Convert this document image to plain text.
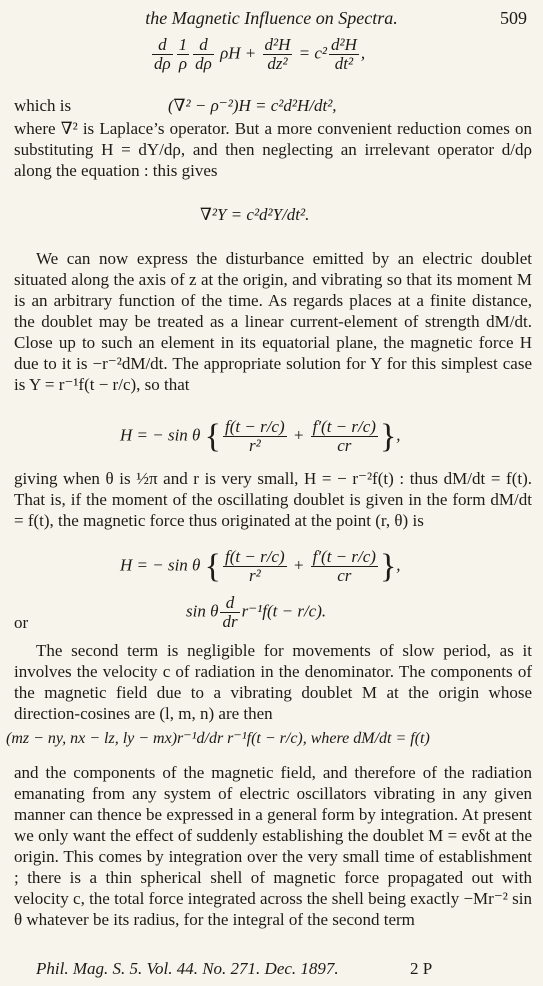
the Magnetic Influence on Spectra.	509
$\frac{d}{d\rho} \frac{1}{\rho} \frac{d}{d\rho}$ $\rho H + \frac{\text{d²H}}{\text{dz²}} = c^2 \frac{\text{d²H}}{\text{dt²}}$ ,
which is	(∇² − ρ⁻²)H = c²d²H/dt²,

where ∇² is Laplace’s operator. But a more convenient reduction comes on substituting H = dY/dρ, and then neglecting an irrelevant operator d/dρ along the equation : this gives

∇²Y = c²d²Y/dt².

We can now express the disturbance emitted by an electric doublet situated along the axis of z at the origin, and vibrating so that its moment M is an arbitrary function of the time. As regards places at a finite distance, the doublet may be treated as a linear current-element of strength dM/dt. Close up to such an element in its equatorial plane, the magnetic force H due to it is −r⁻²dM/dt. The appropriate solution for Y for this simplest case is Y = r⁻¹f(t − r/c), so that

H = − sin θ { $\frac{f(t - r/c)}{\text{r²}} + \frac{f'(t - r/c)}{cr}$ },

giving when θ is ½π and r is very small, H = − r⁻²f(t) : thus dM/dt = f(t). That is, if the moment of the oscillating doublet is given in the form dM/dt = f(t), the magnetic force thus originated at the point (r, θ) is

H = − sin θ { $\frac{f(t - r/c)}{\text{r²}} + \frac{f'(t - r/c)}{cr}$ },
or
sin θ $\frac{d}{dr} r^{-1}f(t - r/c)$.

The second term is negligible for movements of slow period, as it involves the velocity c of radiation in the denominator. The components of the magnetic field due to a vibrating doublet M at the origin whose direction-cosines are (l, m, n) are then

(mz − ny, nx − lz, ly − mx)r⁻¹d/dr r⁻¹f(t − r/c), where dM/dt = f(t)

and the components of the magnetic field, and therefore of the radiation emanating from any system of electric oscillators vibrating in any given manner can thence be expressed in a general form by integration. At present we only want the effect of suddenly establishing the doublet M = evδt at the origin. This comes by integration over the very small time of establishment ; there is a thin spherical shell of magnetic force propagated out with velocity c, the total force integrated across the shell being exactly −Mr⁻² sin θ whatever be its radius, for the integral of the second term

Phil. Mag. S. 5. Vol. 44. No. 271. Dec. 1897.	2 P
